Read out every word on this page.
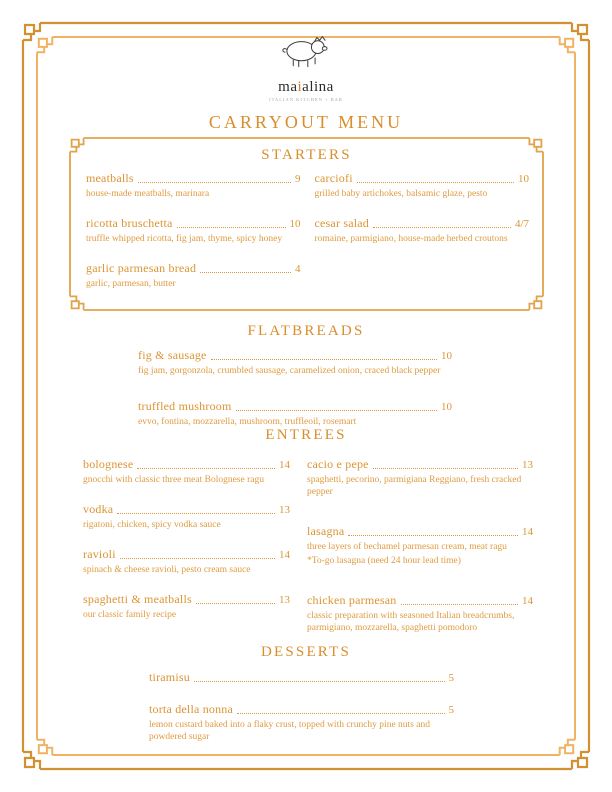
maialina
ITALIAN KITCHEN + BAR
CARRYOUT MENU
STARTERS
meatballs	9
house-made meatballs, marinara
ricotta bruschetta	10
truffle whipped ricotta, fig jam, thyme, spicy honey
garlic parmesan bread	4
garlic, parmesan, butter
carciofi	10
grilled baby artichokes, balsamic glaze, pesto
cesar salad	4/7
romaine, parmigiano, house-made herbed croutons
FLATBREADS
fig & sausage	10
fig jam, gorgonzola, crumbled sausage, caramelized onion, craced black pepper
truffled mushroom	10
evvo, fontina, mozzarella, mushroom, truffleoil, rosemart
ENTREES
bolognese	14
gnocchi with classic three meat Bolognese ragu
vodka	13
rigatoni, chicken, spicy vodka sauce
ravioli	14
spinach & cheese ravioli, pesto cream sauce
spaghetti & meatballs	13
our classic family recipe
cacio e pepe	13
spaghetti, pecorino, parmigiana Reggiano, fresh cracked pepper
lasagna	14
three layers of bechamel parmesan cream, meat ragu
*To-go lasagna (need 24 hour lead time)
chicken parmesan	14
classic preparation with seasoned Italian breadcrumbs, parmigiano, mozzarella, spaghetti pomodoro
DESSERTS
tiramisu	5
torta della nonna	5
lemon custard baked into a flaky crust, topped with crunchy pine nuts and powdered sugar
